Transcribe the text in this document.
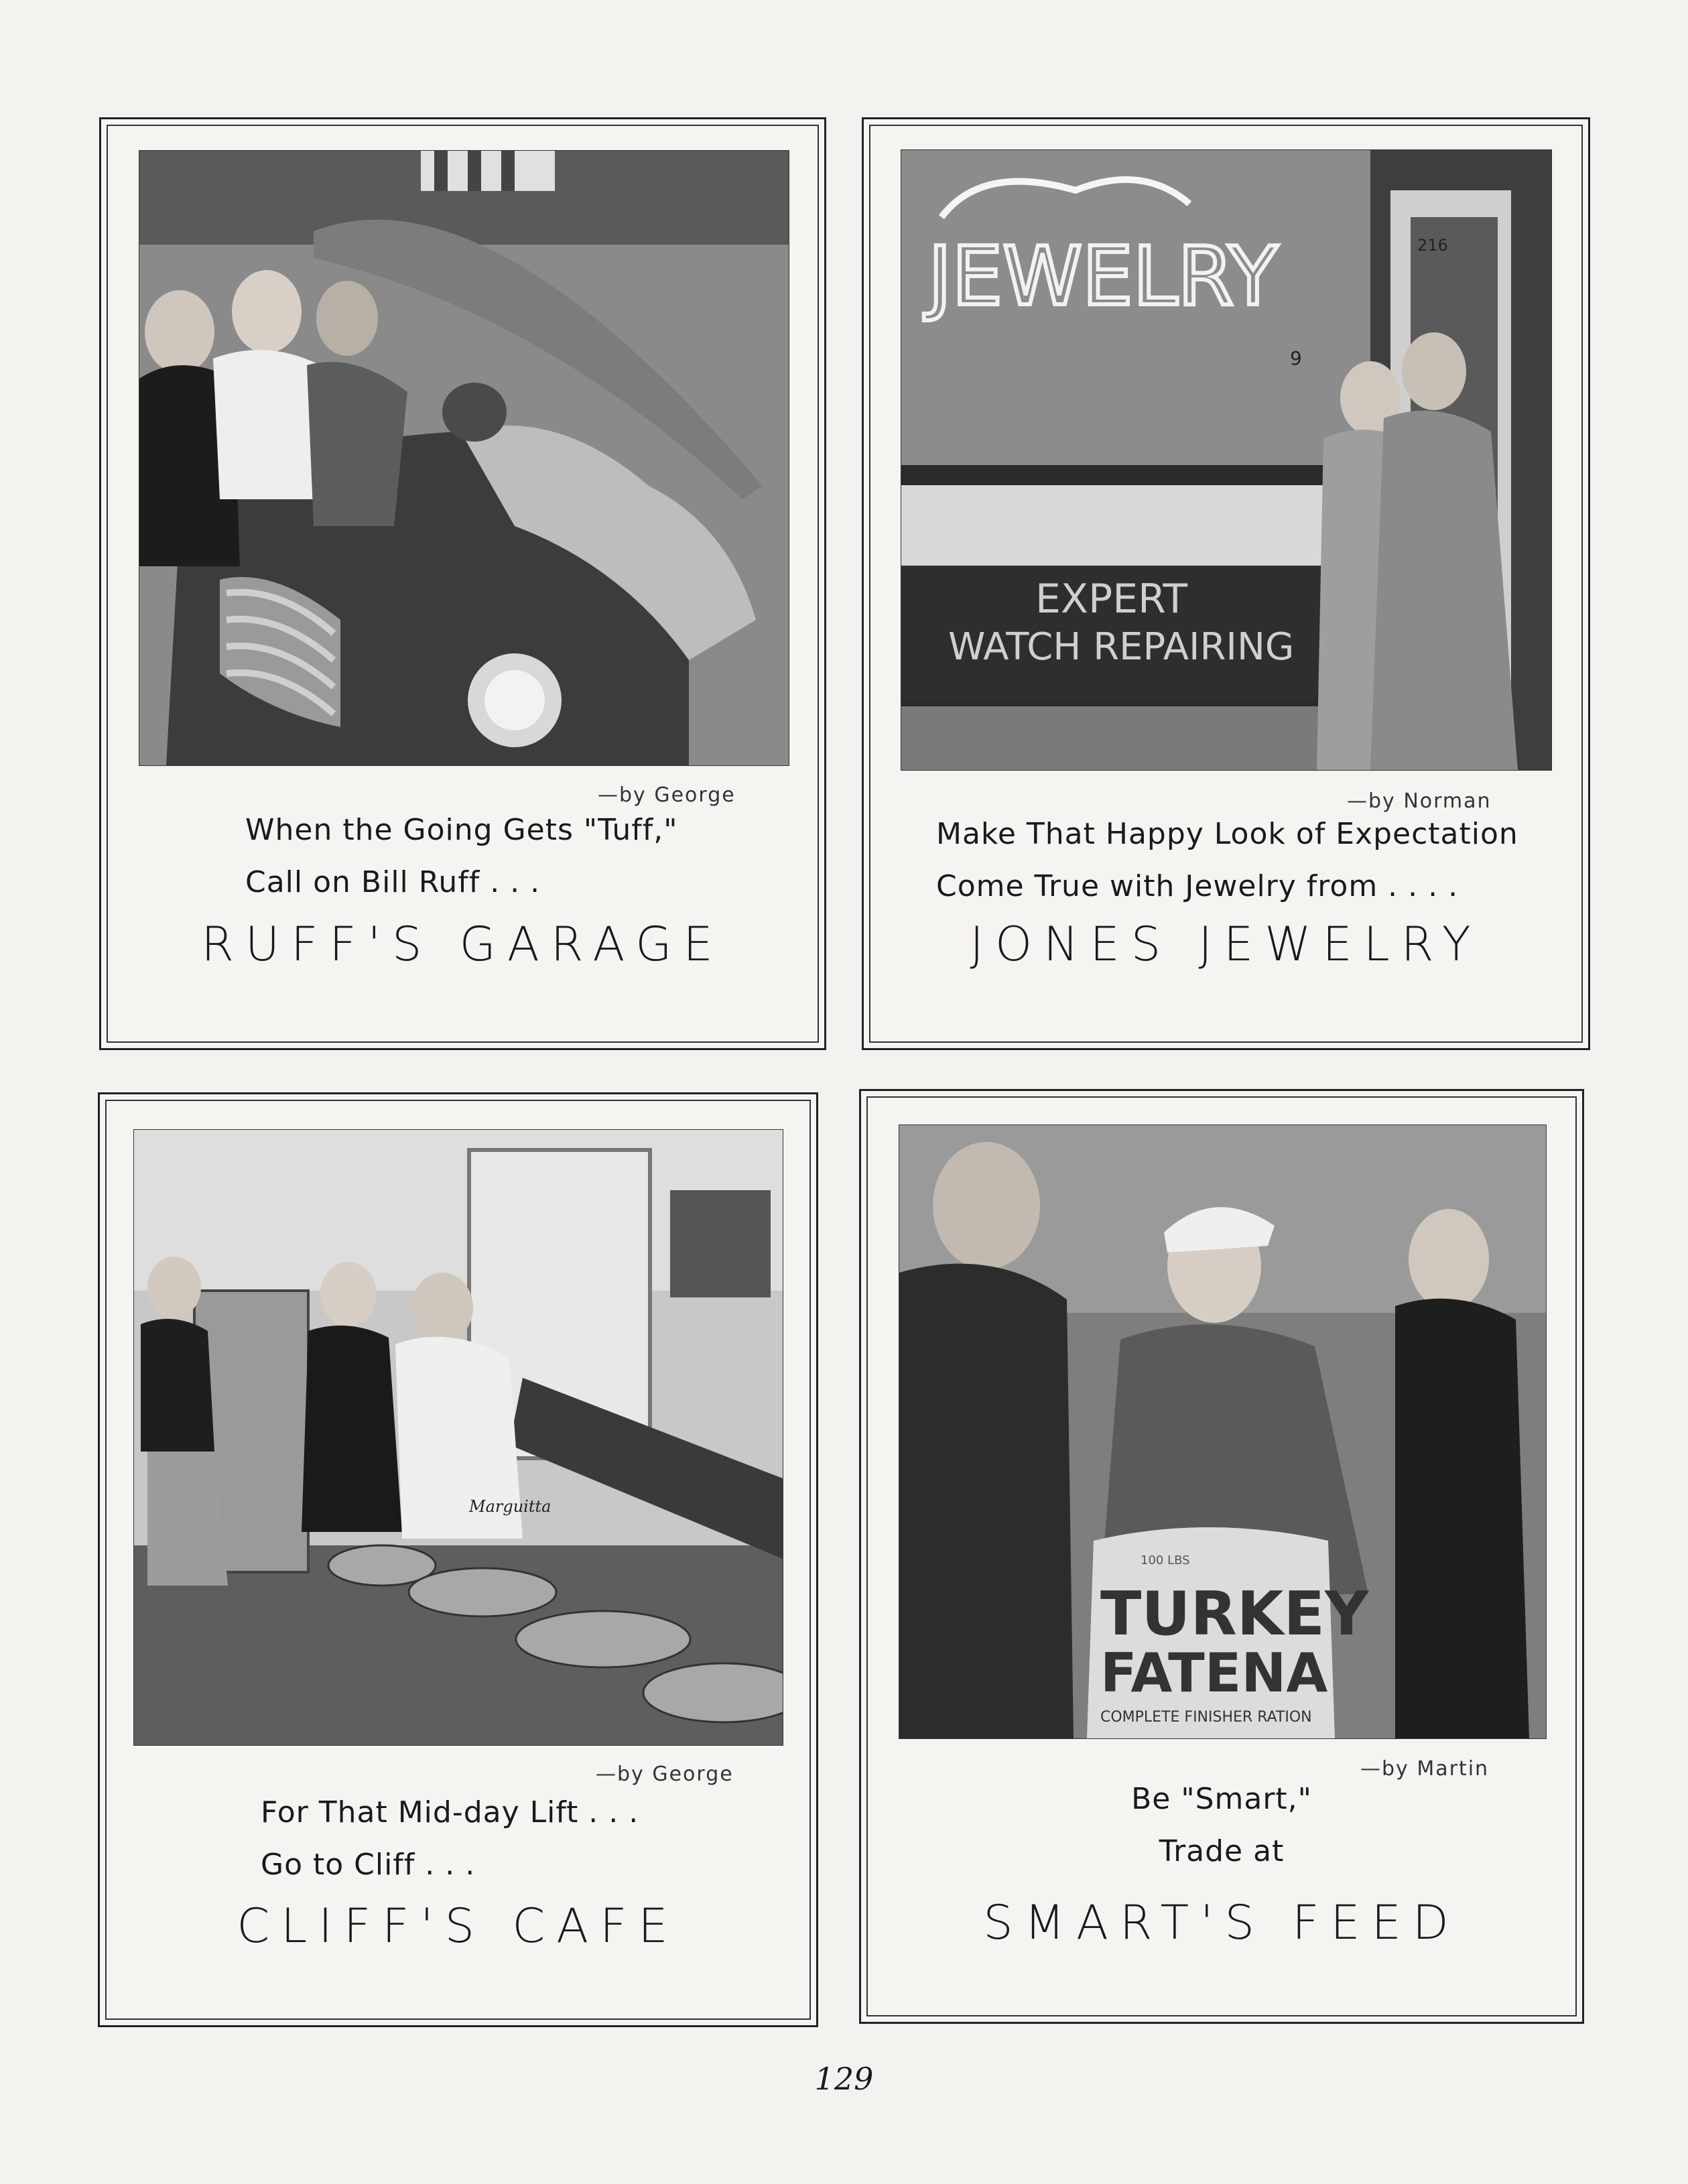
—by George
When the Going Gets "Tuff,"
Call on Bill Ruff . . .
RUFF'S GARAGE
JEWELRY
EXPERT
WATCH REPAIRING
9
216
—by Norman
Make That Happy Look of Expectation
Come True with Jewelry from . . . .
JONES JEWELRY
Marguitta
—by George
For That Mid-day Lift . . .
Go to Cliff . . .
CLIFF'S CAFE
TURKEY
FATENA
COMPLETE FINISHER RATION
100 LBS
—by Martin
Be "Smart,"
Trade at
SMART'S FEED
129
